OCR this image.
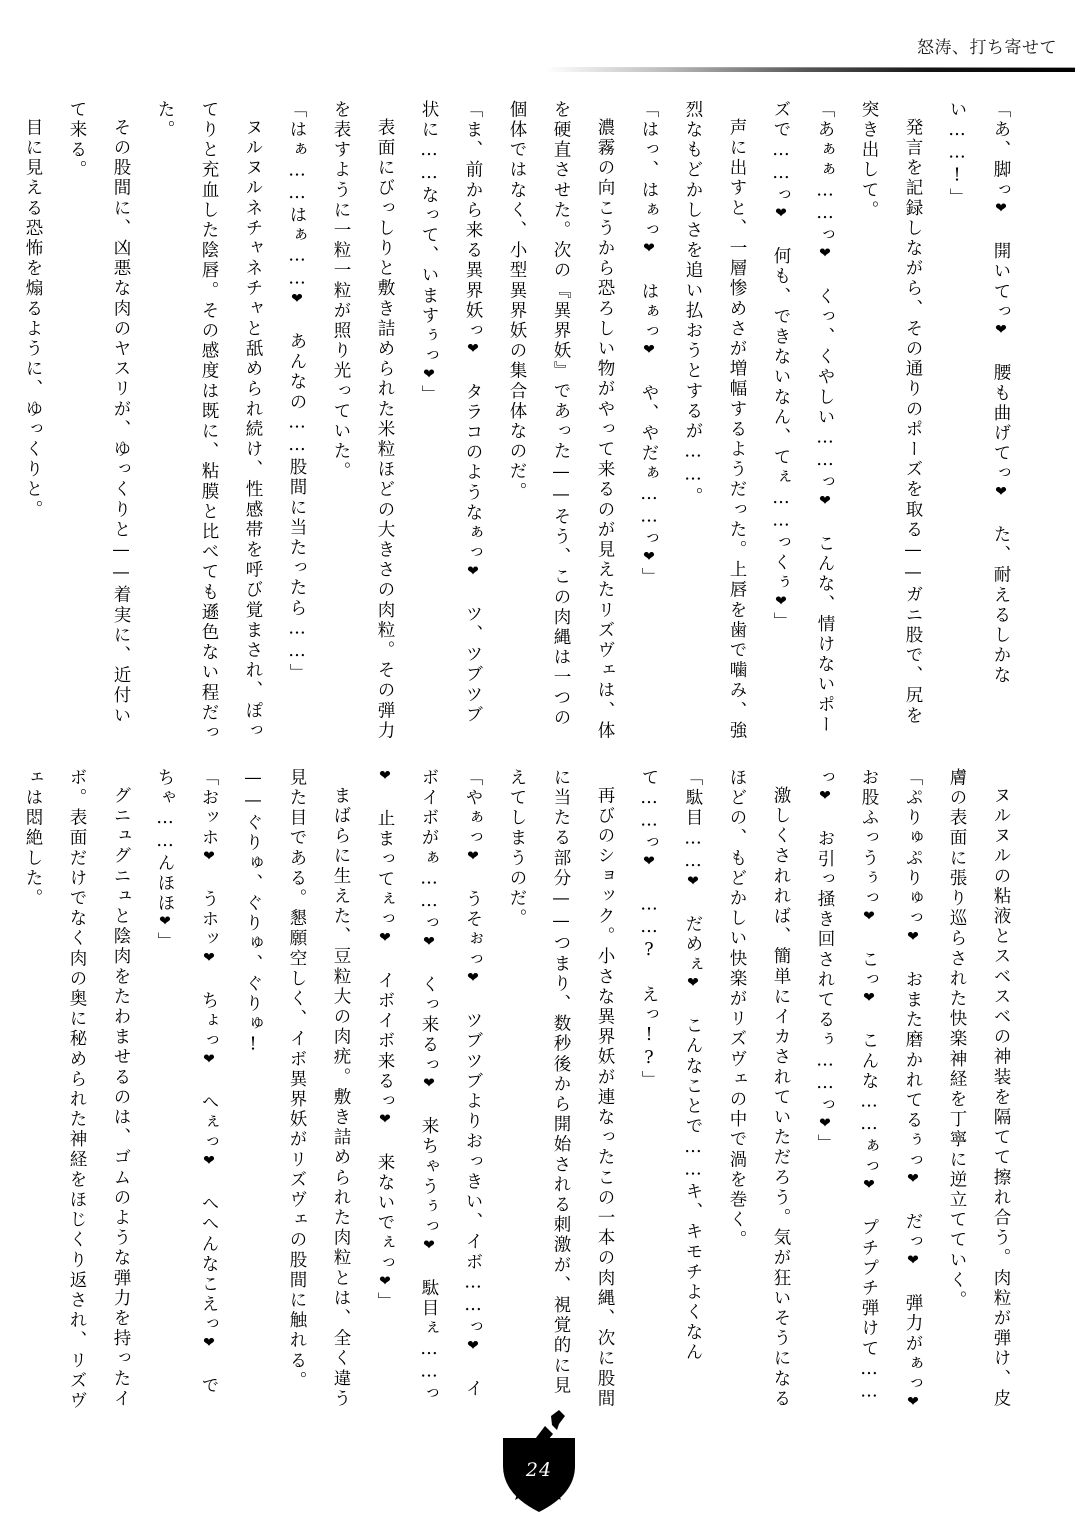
怒涛、打ち寄せて

「あ、脚っ❤ 開いてっ❤ 腰も曲げてっ❤ た、耐えるしかない……!」

発言を記録しながら、その通りのポーズを取る——ガニ股で、尻を突き出して。

「あぁぁ……っ❤ くっ、くやしい……っ❤ こんな、情けないポーズで……っ❤ 何も、できないなん、てぇ……っくぅ❤」

声に出すと、一層惨めさが増幅するようだった。上唇を歯で噛み、強烈なもどかしさを追い払おうとするが……。

「はっ、はぁっ❤ はぁっ❤ や、やだぁ……っ❤」

濃霧の向こうから恐ろしい物がやって来るのが見えたリズヴェは、体を硬直させた。次の『異界妖』であった——そう、この肉縄は一つの個体ではなく、小型異界妖の集合体なのだ。

「ま、前から来る異界妖っ❤ タラコのようなぁっ❤ ツ、ツブツブ状に……なって、いますぅっ❤」

表面にびっしりと敷き詰められた米粒ほどの大きさの肉粒。その弾力を表すように一粒一粒が照り光っていた。

「はぁ……はぁ……❤ あんなの……股間に当たったら……」

ヌルヌルネチャネチャと舐められ続け、性感帯を呼び覚まされ、ぽってりと充血した陰唇。その感度は既に、粘膜と比べても遜色ない程だった。

その股間に、凶悪な肉のヤスリが、ゆっくりと——着実に、近付いて来る。

目に見える恐怖を煽るように、ゆっくりと。

ヌルヌルの粘液とスベスベの神装を隔てて擦れ合う。肉粒が弾け、皮膚の表面に張り巡らされた快楽神経を丁寧に逆立てていく。

「ぷりゅぷりゅっ❤ おまた磨かれてるぅっ❤ だっ❤ 弾力がぁっ❤ お股ふっうぅっ❤ こっ❤ こんな……ぁっ❤ プチプチ弾けて……っ❤ お引っ掻き回されてるぅ……っ❤」

激しくされれば、簡単にイカされていただろう。気が狂いそうになるほどの、もどかしい快楽がリズヴェの中で渦を巻く。

「駄目……❤ だめぇ❤ こんなことで……キ、キモチよくなんて……っ❤ ……? えっ!?」

再びのショック。小さな異界妖が連なったこの一本の肉縄、次に股間に当たる部分——つまり、数秒後から開始される刺激が、視覚的に見えてしまうのだ。

「やぁっ❤ うそぉっ❤ ツブツブよりおっきい、イボ……っ❤ イボイボがぁ……っ❤ くっ来るっ❤ 来ちゃうぅっ❤ 駄目ぇ……っ❤ 止まってぇっ❤ イボイボ来るっ❤ 来ないでぇっ❤」

まばらに生えた、豆粒大の肉疣。敷き詰められた肉粒とは、全く違う見た目である。懇願空しく、イボ異界妖がリズヴェの股間に触れる。

——ぐりゅ、ぐりゅ、ぐりゅ!

「おッホ❤ うホッ❤ ちょっ❤ へぇっ❤ へへんなこえっ❤ でちゃ……んほほ❤」

グニュグニュと陰肉をたわませるのは、ゴムのような弾力を持ったイボ。表面だけでなく肉の奥に秘められた神経をほじくり返され、リズヴェは悶絶した。

24
